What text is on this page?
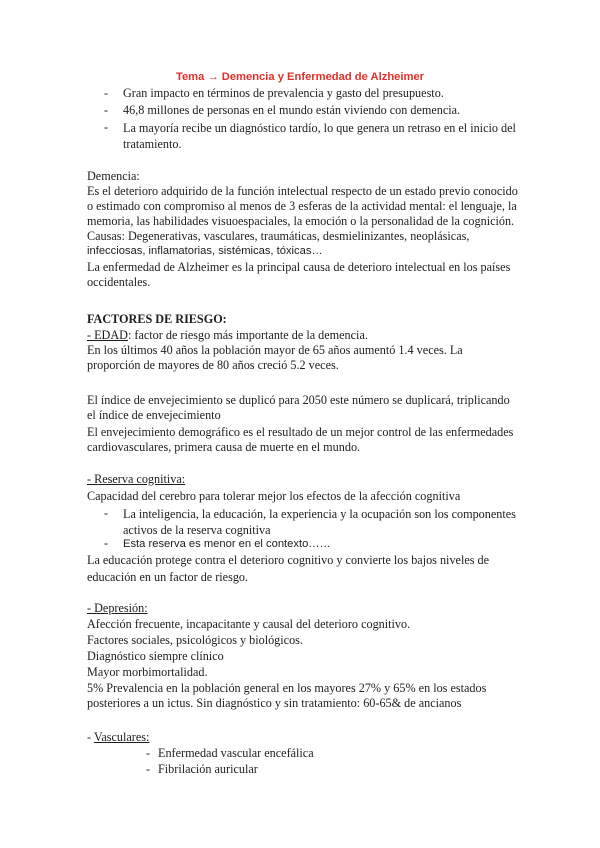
Tema → Demencia y Enfermedad de Alzheimer
- Gran impacto en términos de prevalencia y gasto del presupuesto.
- 46,8 millones de personas en el mundo están viviendo con demencia.
- La mayoría recibe un diagnóstico tardío, lo que genera un retraso en el inicio del tratamiento.
Demencia:
Es el deterioro adquirido de la función intelectual respecto de un estado previo conocido
o estimado con compromiso al menos de 3 esferas de la actividad mental: el lenguaje, la
memoria, las habilidades visuoespaciales, la emoción o la personalidad de la cognición.
Causas: Degenerativas, vasculares, traumáticas, desmielinizantes, neoplásicas,
infecciosas, inflamatorias, sistémicas, tóxicas…
La enfermedad de Alzheimer es la principal causa de deterioro intelectual en los países
occidentales.
FACTORES DE RIESGO:
- EDAD: factor de riesgo más importante de la demencia.
En los últimos 40 años la población mayor de 65 años aumentó 1.4 veces. La
proporción de mayores de 80 años creció 5.2 veces.
El índice de envejecimiento se duplicó para 2050 este número se duplicará, triplicando
el índice de envejecimiento
El envejecimiento demográfico es el resultado de un mejor control de las enfermedades
cardiovasculares, primera causa de muerte en el mundo.
- Reserva cognitiva:
Capacidad del cerebro para tolerar mejor los efectos de la afección cognitiva
- La inteligencia, la educación, la experiencia y la ocupación son los componentes activos de la reserva cognitiva
- Esta reserva es menor en el contexto……
La educación protege contra el deterioro cognitivo y convierte los bajos niveles de
educación en un factor de riesgo.
- Depresión:
Afección frecuente, incapacitante y causal del deterioro cognitivo.
Factores sociales, psicológicos y biológicos.
Diagnóstico siempre clínico
Mayor morbimortalidad.
5% Prevalencia en la población general en los mayores 27% y 65% en los estados
posteriores a un ictus. Sin diagnóstico y sin tratamiento: 60-65& de ancianos
- Vasculares:
- Enfermedad vascular encefálica
- Fibrilación auricular
